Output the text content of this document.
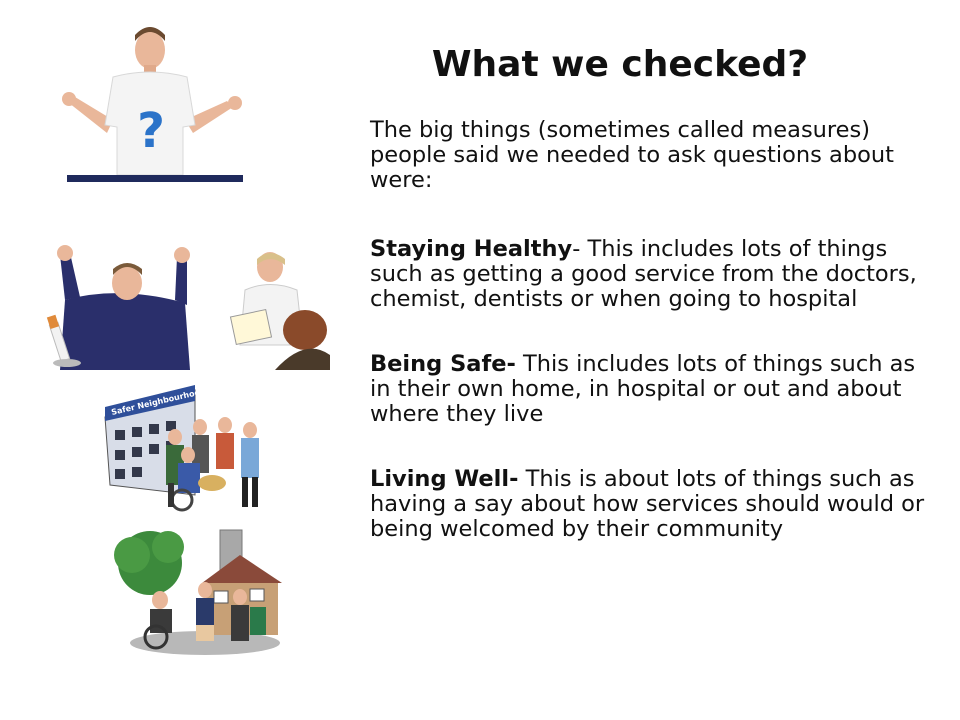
?
What we checked?
Safer Neighbourhood

The big things (sometimes called measures) people said we needed to ask questions about were:

Staying Healthy- This includes lots of things such as getting a good service from the doctors, chemist, dentists or when going to hospital

Being Safe- This includes lots of things such as in their own home, in hospital or out and about where they live

Living Well- This is about lots of things such as having a say about how services should would or being welcomed by their community
